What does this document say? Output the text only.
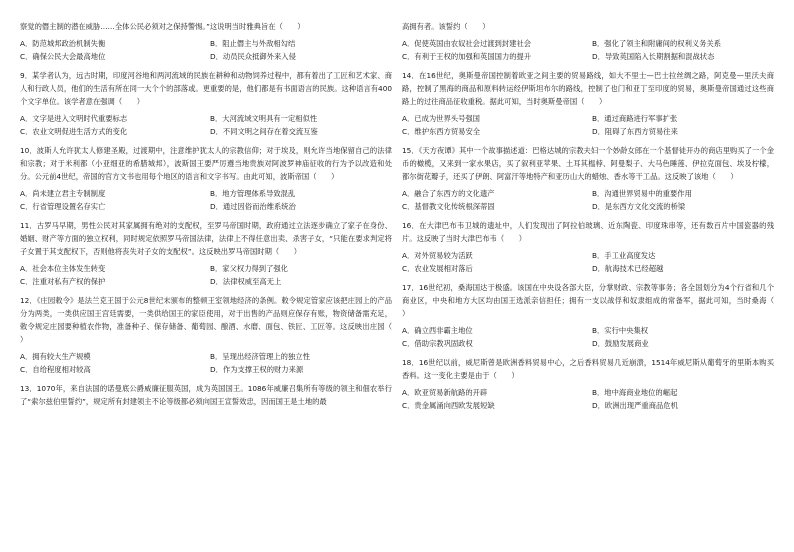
察觉的僭主制的潜在威胁……全体公民必须对之保持警惕。”这说明当时雅典旨在（　　）
A．防范城邦政治机制失衡	B．阻止僭主与外敌相勾结
C．确保公民大会最高地位	D．动员民众抵御外来入侵
9．某学者认为，远古时期，印度河谷地和两河流域的民族在耕种和动物饲养过程中，都有着出了工匠和艺术家、商人和行政人员，他们的生活有所在同一大个个的部落或。更重要的是，他们都是有书面语言的民族。这种语言有400个文字单位。该学者意在强调（　　）
A．文字是进入文明时代重要标志	B．大河流域文明具有一定相似性
C．农业文明促进生活方式的变化	D．不同文明之间存在着交流互鉴
10．波斯人允许犹太人修建圣殿，过渡期中，注意维护犹太人的宗教信仰；对于埃及，则允许当地保留自己的法律和宗教；对于米利都（小亚细亚的希腊城邦），波斯国王要严厉遵当地贵族对阿波罗神庙征收的行为予以改造和处分。公元前4世纪，帝国的官方文书也用每个地区的语言和文字书写。由此可知，波斯帝国（　　）
A．尚未建立君主专制制度	B．地方管理体系导致混乱
C．行省管理设置名存实亡	D．通过因俗而治维系统治
11．古罗马早期，男性公民对其家属拥有绝对的支配权，至罗马帝国时期，政府通过立法逐步确立了家子在身份、婚姻、财产等方面的独立权利，同时规定依照罗马帝国法律，法律上不得任意出卖、杀害子女，“只能在要求判定将子女置于其支配权下，否则他将丧失对子女的支配权”。这反映出罗马帝国时期（　　）
A．社会本位主体发生转变	B．家父权力得到了强化
C．注重对私有产权的保护	D．法律权威至高无上
12．《庄园敕令》是法兰克王国于公元8世纪末颁布的整顿王室领地经济的条例。敕令规定管家应该把庄园上的产品分为两类，一类供应国王宫廷需要，一类供给国王的家臣使用，对于出售的产品则应保存有账，物资储备需充足，敕令规定庄园要种植农作物，准备种子、保存储备、葡萄园、酿酒、水磨、面包、铁匠、工匠等。这反映出庄园（　　）
A．拥有较大生产规模	B．呈现出经济管理上的独立性
C．自给程度相对较高	D．作为支撑王权的财力来源
13．1070年，来自法国的诺曼底公爵威廉征服英国，成为英国国王。1086年威廉召集所有等级的领主和佃农举行了“索尔兹伯里誓约”，规定所有封建领主不论等级都必须向国王宣誓效忠，因而国王是土地的最
高拥有者。该誓约（　　）
A．促使英国由农奴社会过渡到封建社会	B．强化了领主和附庸间的权利义务关系
C．有利于王权的加强和英国国力的提升	D．导致英国陷入长期割据和混战状态
14．在16世纪，奥斯曼帝国控制着欧亚之间主要的贸易路线，如大不里士—巴士拉丝绸之路，阿克曼—里沃夫商路，控制了黑海的商品和原料转运经伊斯坦布尔的路线，控制了也门和亚丁至印度的贸易，奥斯曼帝国通过这些商路上的过往商品征收重税。据此可知，当时奥斯曼帝国（　　）
A．已成为世界头号强国	B．通过商路进行军事扩张
C．维护东西方贸易安全	D．阻碍了东西方贸易往来
15．《天方夜谭》其中一个故事描述道：巴格达城的宗教夫妇一个妙龄女郎在一个基督徒开办的商店里购买了一个金币的橄榄，又来到一家水果店，买了叙利亚苹果、土耳其榅桲、阿曼梨子、大马色睡莲、伊拉克面包、埃及柠檬，都尔街花瓣子，还买了伊朗、阿富汗等地特产和亚历山大的蜡烛、香水等干工品。这反映了该地（　　）
A．融合了东西方的文化遗产	B．沟通世界贸易中的重要作用
C．基督教文化传统根深蒂固	D．是东西方文化交流的桥梁
16．在大津巴布韦卫城的遗址中，人们发现出了阿拉伯玻璃、近东陶瓷、印度珠串等，还有数百片中国瓷器的残片。这反映了当时大津巴布韦（　　）
A．对外贸易较为活跃	B．手工业高度发达
C．农业发展相对落后	D．航海技术已经超越
17．16世纪初，桑海国达于极盛。该国在中央设各部大臣，分掌财政、宗教等事务；各全国划分为4个行省和几个商业区，中央和地方大区均由国王选派亲信担任；拥有一支以战俘和奴隶组成的常备军，据此可知，当时桑海（　　）
A．确立西非霸主地位	B．实行中央集权
C．借助宗教巩固政权	D．鼓励发展商业
18．16世纪以前，威尼斯曾是欧洲香料贸易中心，之后香料贸易几近崩溃，1514年威尼斯从葡萄牙的里斯本购买香料。这一变化主要是由于（　　）
A．欧亚贸易新航路的开辟	B．地中海商业地位的崛起
C．贵金属涌向西欧发展短缺	D．欧洲出现严重商品危机
